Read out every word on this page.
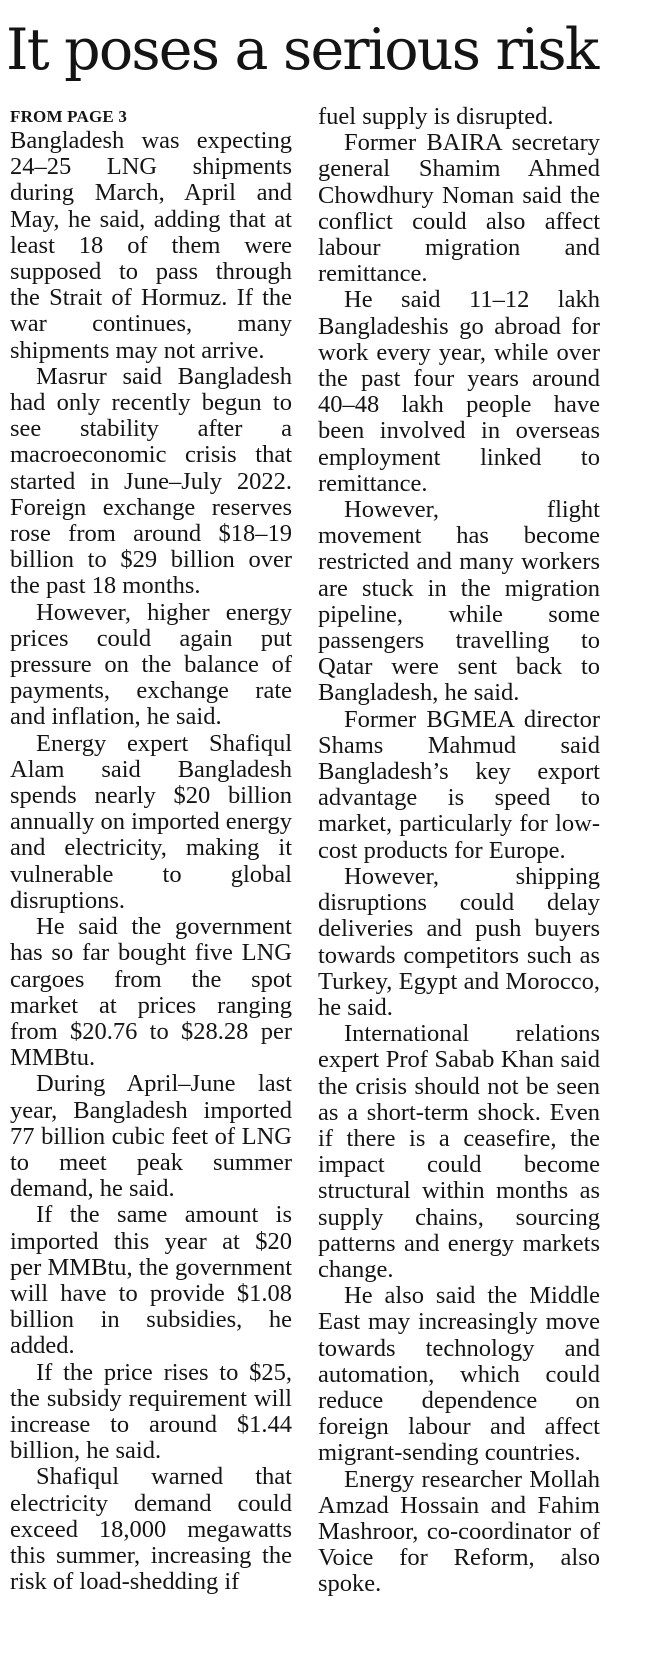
It poses a serious risk
FROM PAGE 3

Bangladesh was expecting 24–25 LNG shipments during March, April and May, he said, adding that at least 18 of them were supposed to pass through the Strait of Hormuz. If the war continues, many shipments may not arrive.

Masrur said Bangladesh had only recently begun to see stability after a macroeconomic crisis that started in June–July 2022. Foreign exchange reserves rose from around $18–19 billion to $29 billion over the past 18 months.

However, higher energy prices could again put pressure on the balance of payments, exchange rate and inflation, he said.

Energy expert Shafiqul Alam said Bangladesh spends nearly $20 billion annually on imported energy and electricity, making it vulnerable to global disruptions.

He said the government has so far bought five LNG cargoes from the spot market at prices ranging from $20.76 to $28.28 per MMBtu.

During April–June last year, Bangladesh imported 77 billion cubic feet of LNG to meet peak summer demand, he said.

If the same amount is imported this year at $20 per MMBtu, the government will have to provide $1.08 billion in subsidies, he added.

If the price rises to $25, the subsidy requirement will increase to around $1.44 billion, he said.

Shafiqul warned that electricity demand could exceed 18,000 megawatts this summer, increasing the risk of load-shedding if

fuel supply is disrupted.

Former BAIRA secretary general Shamim Ahmed Chowdhury Noman said the conflict could also affect labour migration and remittance.

He said 11–12 lakh Bangladeshis go abroad for work every year, while over the past four years around 40–48 lakh people have been involved in overseas employment linked to remittance.

However, flight movement has become restricted and many workers are stuck in the migration pipeline, while some passengers travelling to Qatar were sent back to Bangladesh, he said.

Former BGMEA director Shams Mahmud said Bangladesh’s key export advantage is speed to market, particularly for low-cost products for Europe.

However, shipping disruptions could delay deliveries and push buyers towards competitors such as Turkey, Egypt and Morocco, he said.

International relations expert Prof Sabab Khan said the crisis should not be seen as a short-term shock. Even if there is a ceasefire, the impact could become structural within months as supply chains, sourcing patterns and energy markets change.

He also said the Middle East may increasingly move towards technology and automation, which could reduce dependence on foreign labour and affect migrant-sending countries.

Energy researcher Mollah Amzad Hossain and Fahim Mashroor, co-coordinator of Voice for Reform, also spoke.
